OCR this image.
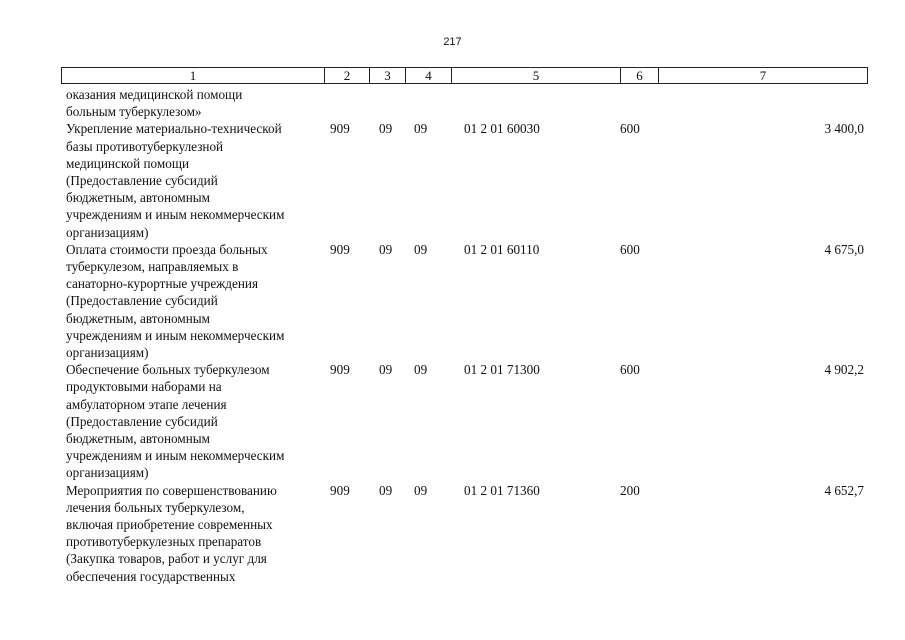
217
1	2	3	4	5	6	7
оказания медицинской помощи
больным туберкулезом»
Укрепление материально-технической
базы противотуберкулезной
медицинской помощи
(Предоставление субсидий
бюджетным, автономным
учреждениям и иным некоммерческим
организациям)
909	09	09	01 2 01 60030	600	3 400,0
Оплата стоимости проезда больных
туберкулезом, направляемых в
санаторно-курортные учреждения
(Предоставление субсидий
бюджетным, автономным
учреждениям и иным некоммерческим
организациям)
909	09	09	01 2 01 60110	600	4 675,0
Обеспечение больных туберкулезом
продуктовыми наборами на
амбулаторном этапе лечения
(Предоставление субсидий
бюджетным, автономным
учреждениям и иным некоммерческим
организациям)
909	09	09	01 2 01 71300	600	4 902,2
Мероприятия по совершенствованию
лечения больных туберкулезом,
включая приобретение современных
противотуберкулезных препаратов
(Закупка товаров, работ и услуг для
обеспечения государственных
909	09	09	01 2 01 71360	200	4 652,7
